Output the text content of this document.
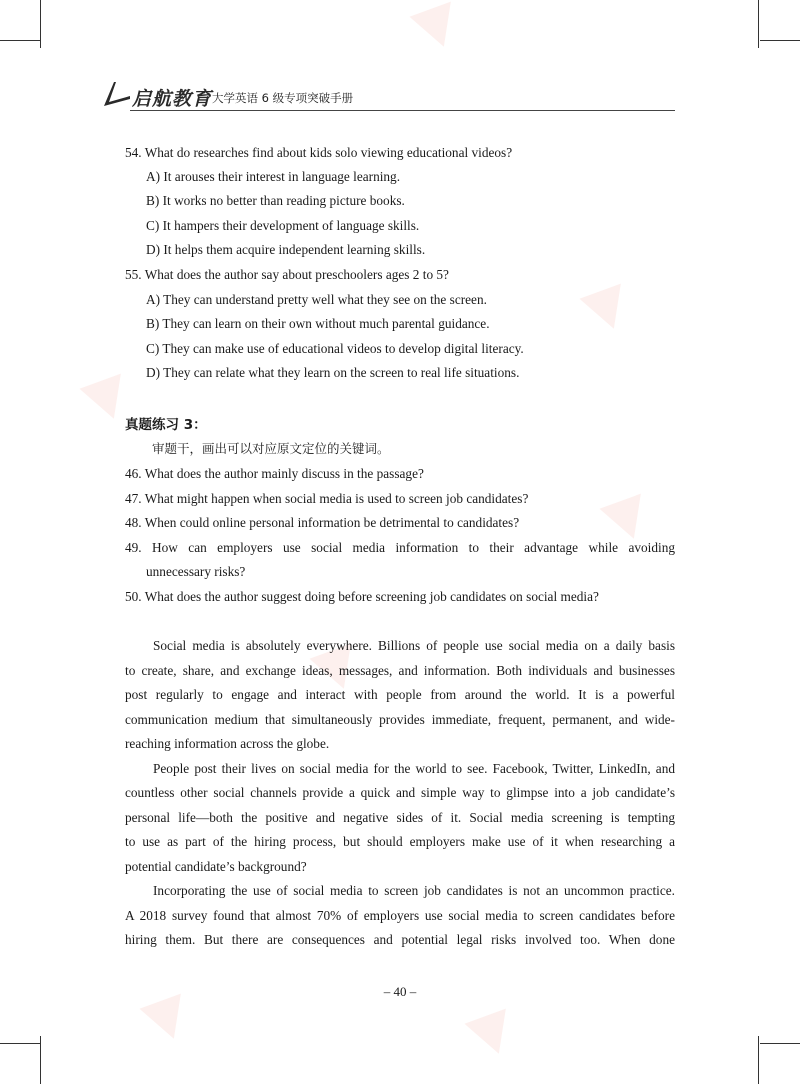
启航教育 大学英语 6 级专项突破手册
54. What do researches find about kids solo viewing educational videos?
A) It arouses their interest in language learning.
B) It works no better than reading picture books.
C) It hampers their development of language skills.
D) It helps them acquire independent learning skills.
55. What does the author say about preschoolers ages 2 to 5?
A) They can understand pretty well what they see on the screen.
B) They can learn on their own without much parental guidance.
C) They can make use of educational videos to develop digital literacy.
D) They can relate what they learn on the screen to real life situations.
真题练习 3：
审题干，画出可以对应原文定位的关键词。
46. What does the author mainly discuss in the passage?
47. What might happen when social media is used to screen job candidates?
48. When could online personal information be detrimental to candidates?
49. How can employers use social media information to their advantage while avoiding
unnecessary risks?
50. What does the author suggest doing before screening job candidates on social media?
Social media is absolutely everywhere. Billions of people use social media on a daily basis
to create, share, and exchange ideas, messages, and information. Both individuals and businesses
post regularly to engage and interact with people from around the world. It is a powerful
communication medium that simultaneously provides immediate, frequent, permanent, and wide-
reaching information across the globe.
People post their lives on social media for the world to see. Facebook, Twitter, LinkedIn, and
countless other social channels provide a quick and simple way to glimpse into a job candidate’s
personal life—both the positive and negative sides of it. Social media screening is tempting
to use as part of the hiring process, but should employers make use of it when researching a
potential candidate’s background?
Incorporating the use of social media to screen job candidates is not an uncommon practice.
A 2018 survey found that almost 70% of employers use social media to screen candidates before
hiring them. But there are consequences and potential legal risks involved too. When done
– 40 –
